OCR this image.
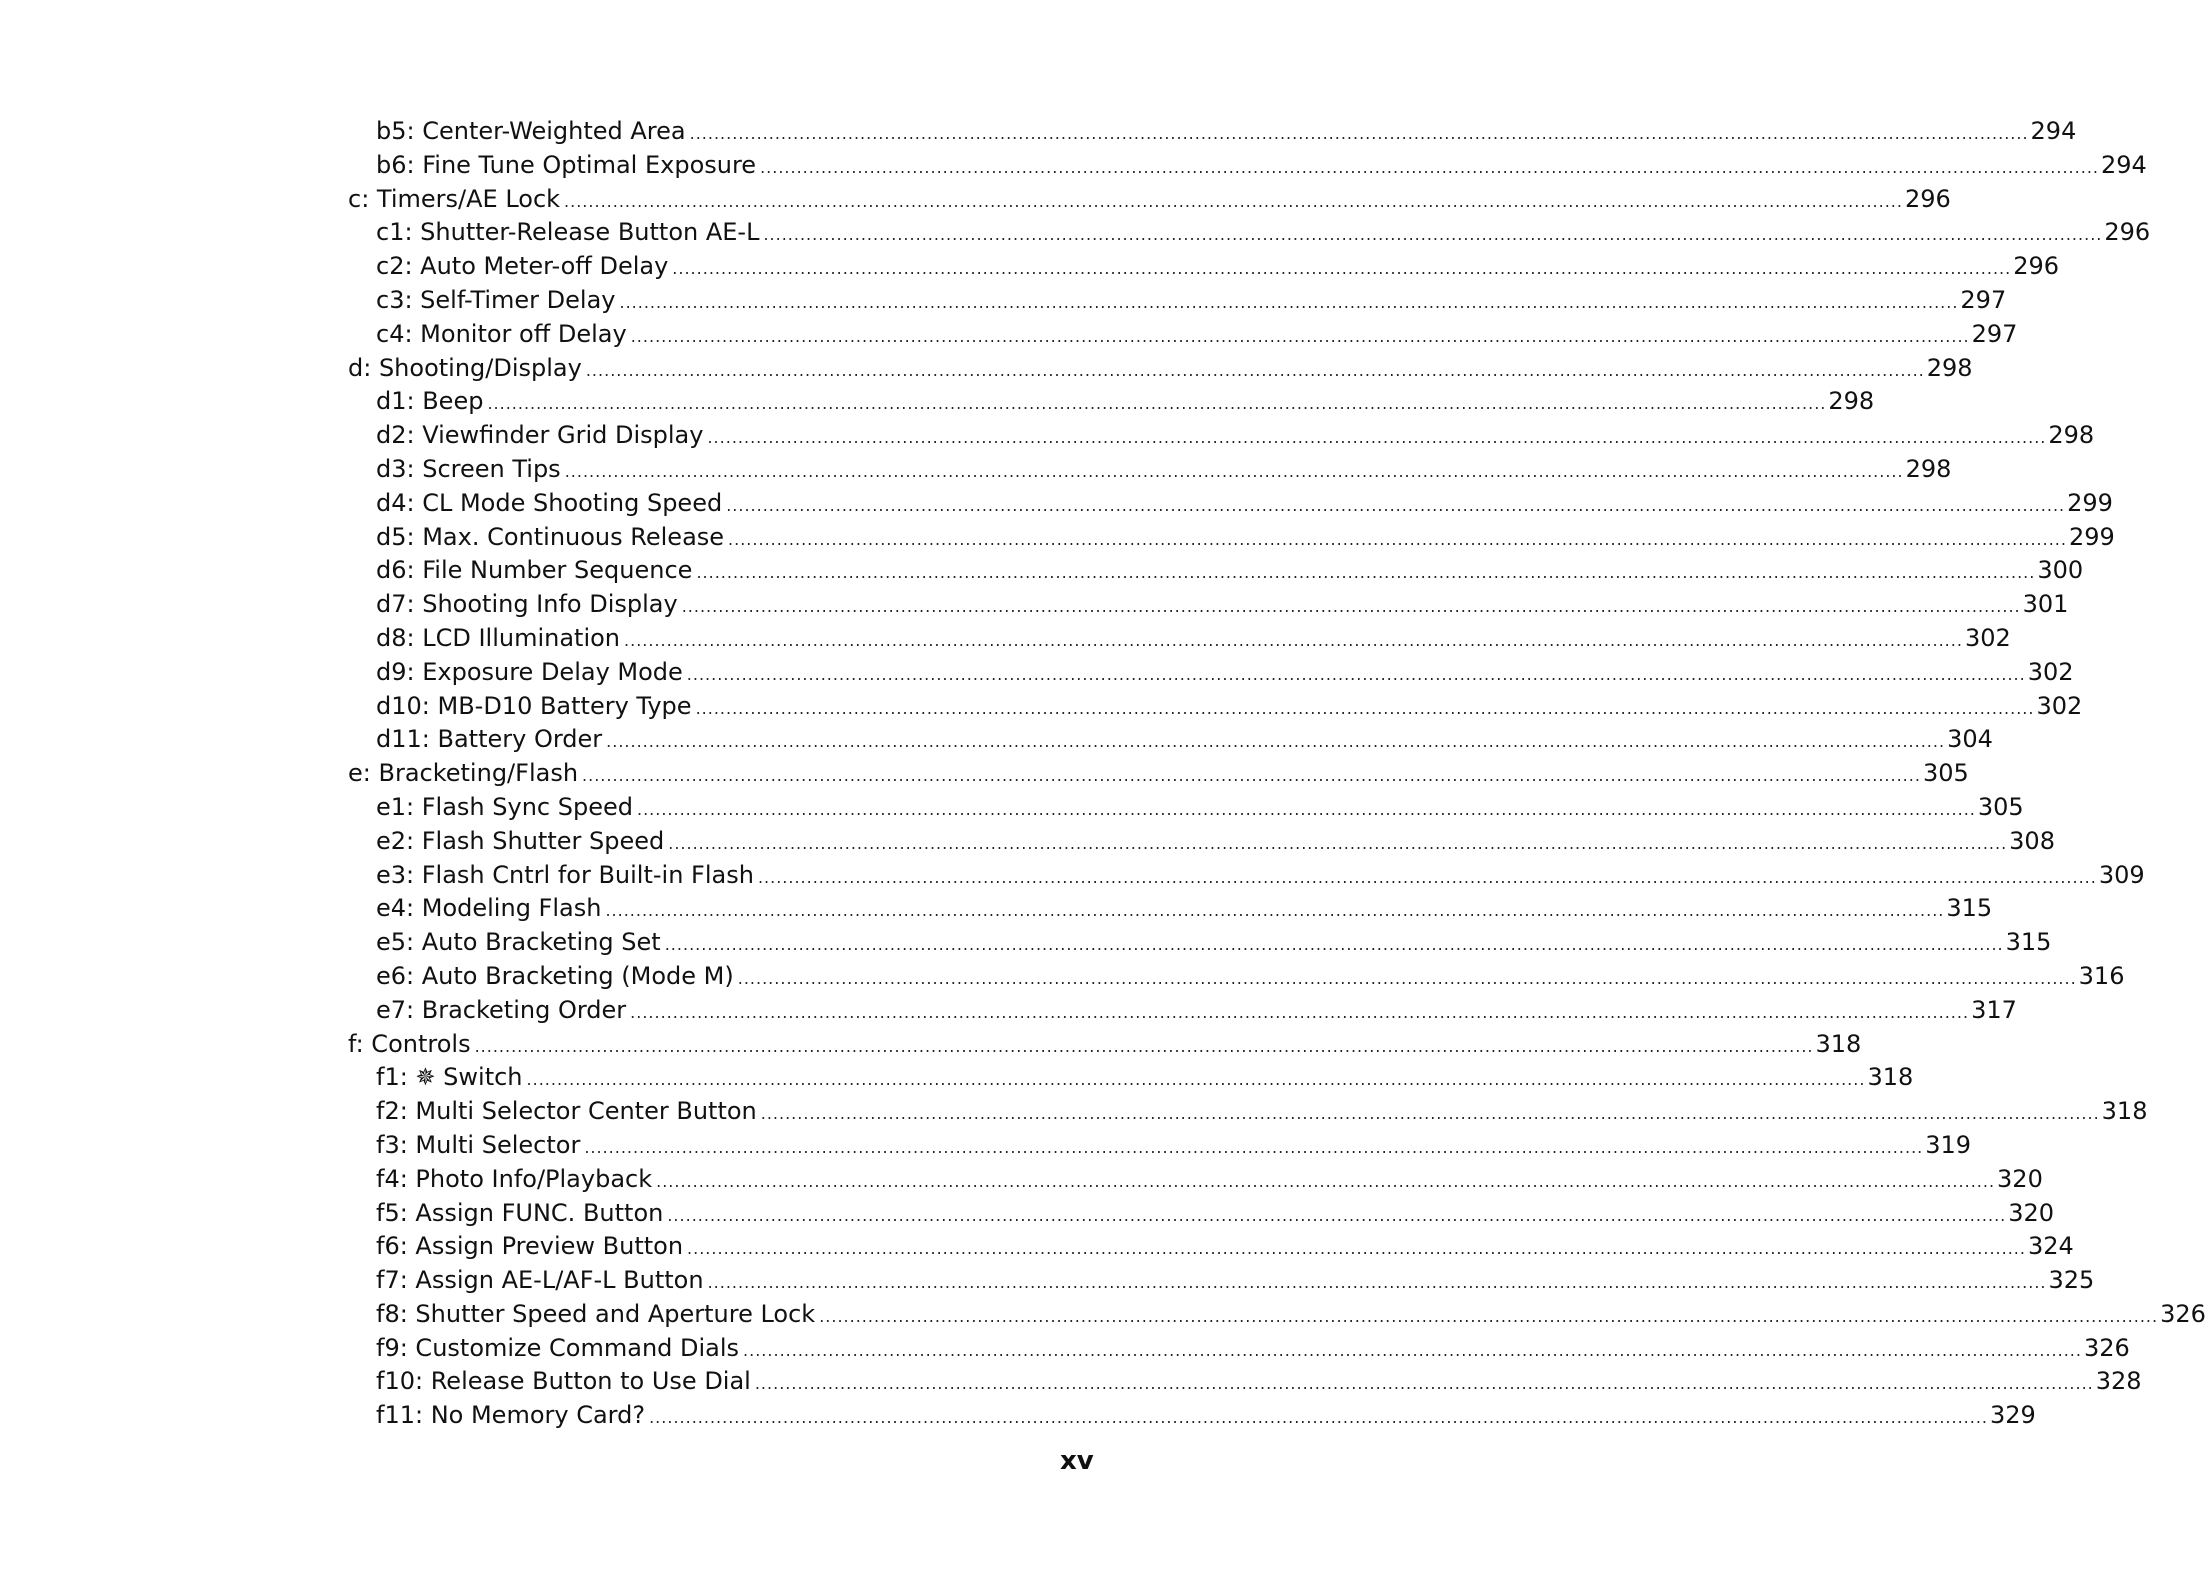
b5: Center-Weighted Area ............................................................................................................................................................................................................................ 294
b6: Fine Tune Optimal Exposure ............................................................................................................................................................................................................................ 294
c: Timers/AE Lock ............................................................................................................................................................................................................................ 296
c1: Shutter-Release Button AE-L ............................................................................................................................................................................................................................ 296
c2: Auto Meter-off Delay ............................................................................................................................................................................................................................ 296
c3: Self-Timer Delay ............................................................................................................................................................................................................................ 297
c4: Monitor off Delay ............................................................................................................................................................................................................................ 297
d: Shooting/Display ............................................................................................................................................................................................................................ 298
d1: Beep ............................................................................................................................................................................................................................ 298
d2: Viewfinder Grid Display ............................................................................................................................................................................................................................ 298
d3: Screen Tips ............................................................................................................................................................................................................................ 298
d4: CL Mode Shooting Speed ............................................................................................................................................................................................................................ 299
d5: Max. Continuous Release ............................................................................................................................................................................................................................ 299
d6: File Number Sequence ............................................................................................................................................................................................................................ 300
d7: Shooting Info Display ............................................................................................................................................................................................................................ 301
d8: LCD Illumination ............................................................................................................................................................................................................................ 302
d9: Exposure Delay Mode ............................................................................................................................................................................................................................ 302
d10: MB-D10 Battery Type ............................................................................................................................................................................................................................ 302
d11: Battery Order ............................................................................................................................................................................................................................ 304
e: Bracketing/Flash ............................................................................................................................................................................................................................ 305
e1: Flash Sync Speed ............................................................................................................................................................................................................................ 305
e2: Flash Shutter Speed ............................................................................................................................................................................................................................ 308
e3: Flash Cntrl for Built-in Flash ............................................................................................................................................................................................................................ 309
e4: Modeling Flash ............................................................................................................................................................................................................................ 315
e5: Auto Bracketing Set ............................................................................................................................................................................................................................ 315
e6: Auto Bracketing (Mode M) ............................................................................................................................................................................................................................ 316
e7: Bracketing Order ............................................................................................................................................................................................................................ 317
f: Controls ............................................................................................................................................................................................................................ 318
f1: ✵ Switch ............................................................................................................................................................................................................................ 318
f2: Multi Selector Center Button ............................................................................................................................................................................................................................ 318
f3: Multi Selector ............................................................................................................................................................................................................................ 319
f4: Photo Info/Playback ............................................................................................................................................................................................................................ 320
f5: Assign FUNC. Button ............................................................................................................................................................................................................................ 320
f6: Assign Preview Button ............................................................................................................................................................................................................................ 324
f7: Assign AE-L/AF-L Button ............................................................................................................................................................................................................................ 325
f8: Shutter Speed and Aperture Lock ............................................................................................................................................................................................................................ 326
f9: Customize Command Dials ............................................................................................................................................................................................................................ 326
f10: Release Button to Use Dial ............................................................................................................................................................................................................................ 328
f11: No Memory Card? ............................................................................................................................................................................................................................ 329
xv
